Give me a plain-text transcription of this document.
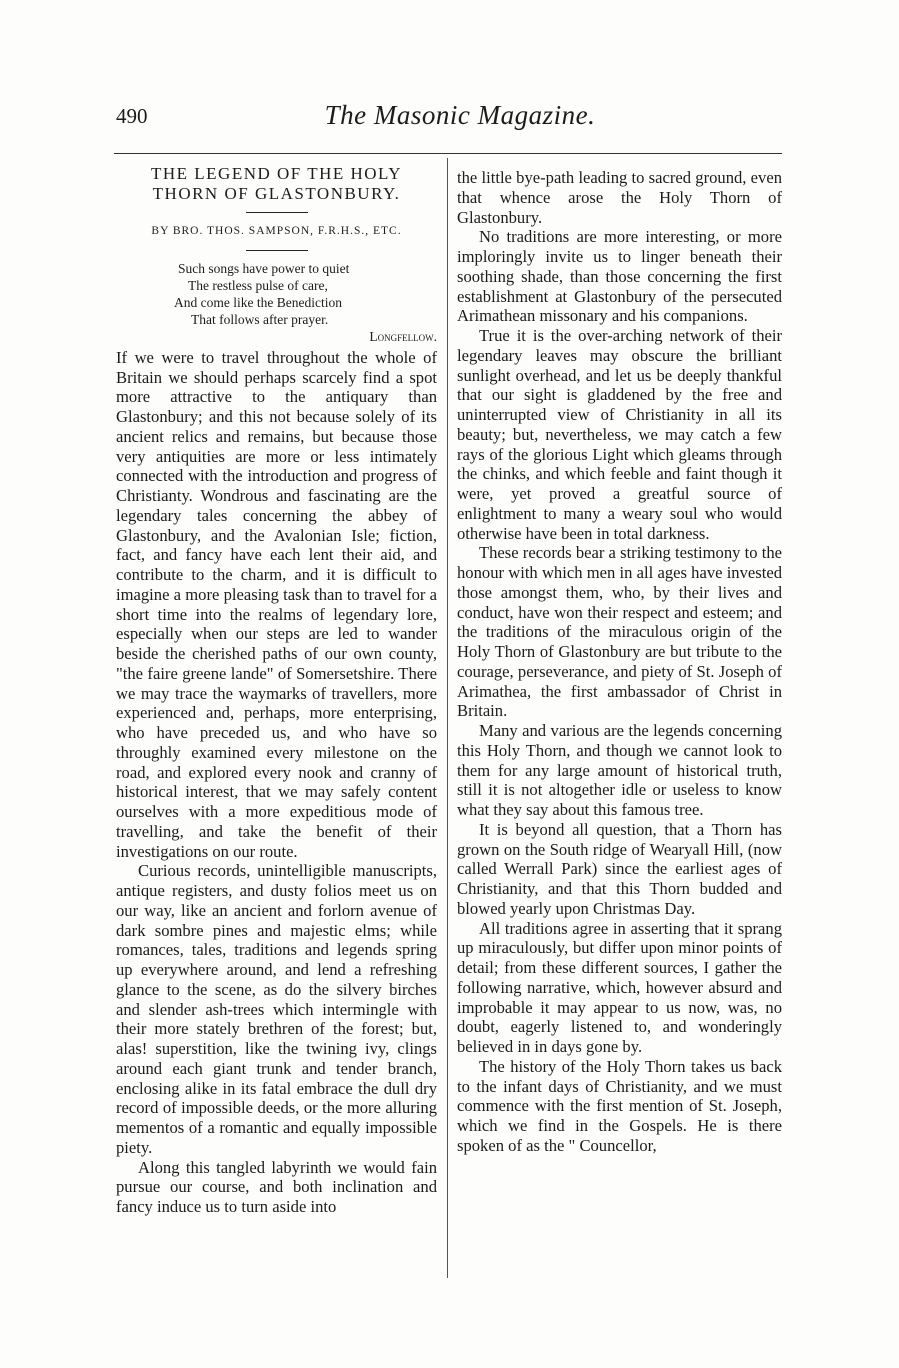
490	The Masonic Magazine.
THE LEGEND OF THE HOLY THORN OF GLASTONBURY.

BY BRO. THOS. SAMPSON, F.R.H.S., ETC.

Such songs have power to quiet
The restless pulse of care,
And come like the Benediction
That follows after prayer.
Longfellow.

If we were to travel throughout the whole of Britain we should perhaps scarcely find a spot more attractive to the antiquary than Glastonbury; and this not because solely of its ancient relics and remains, but because those very antiquities are more or less intimately connected with the introduction and progress of Christianty. Wondrous and fascinating are the legendary tales concerning the abbey of Glastonbury, and the Avalonian Isle; fiction, fact, and fancy have each lent their aid, and contribute to the charm, and it is difficult to imagine a more pleasing task than to travel for a short time into the realms of legendary lore, especially when our steps are led to wander beside the cherished paths of our own county, "the faire greene lande" of Somersetshire. There we may trace the waymarks of travellers, more experienced and, perhaps, more enterprising, who have preceded us, and who have so throughly examined every milestone on the road, and explored every nook and cranny of historical interest, that we may safely content ourselves with a more expeditious mode of travelling, and take the benefit of their investigations on our route.

Curious records, unintelligible manuscripts, antique registers, and dusty folios meet us on our way, like an ancient and forlorn avenue of dark sombre pines and majestic elms; while romances, tales, traditions and legends spring up everywhere around, and lend a refreshing glance to the scene, as do the silvery birches and slender ash-trees which intermingle with their more stately brethren of the forest; but, alas! superstition, like the twining ivy, clings around each giant trunk and tender branch, enclosing alike in its fatal embrace the dull dry record of impossible deeds, or the more alluring mementos of a romantic and equally impossible piety.

Along this tangled labyrinth we would fain pursue our course, and both inclination and fancy induce us to turn aside into

the little bye-path leading to sacred ground, even that whence arose the Holy Thorn of Glastonbury.

No traditions are more interesting, or more imploringly invite us to linger beneath their soothing shade, than those concerning the first establishment at Glastonbury of the persecuted Arimathean missonary and his companions.

True it is the over-arching network of their legendary leaves may obscure the brilliant sunlight overhead, and let us be deeply thankful that our sight is gladdened by the free and uninterrupted view of Christianity in all its beauty; but, nevertheless, we may catch a few rays of the glorious Light which gleams through the chinks, and which feeble and faint though it were, yet proved a greatful source of enlightment to many a weary soul who would otherwise have been in total darkness.

These records bear a striking testimony to the honour with which men in all ages have invested those amongst them, who, by their lives and conduct, have won their respect and esteem; and the traditions of the miraculous origin of the Holy Thorn of Glastonbury are but tribute to the courage, perseverance, and piety of St. Joseph of Arimathea, the first ambassador of Christ in Britain.

Many and various are the legends concerning this Holy Thorn, and though we cannot look to them for any large amount of historical truth, still it is not altogether idle or useless to know what they say about this famous tree.

It is beyond all question, that a Thorn has grown on the South ridge of Wearyall Hill, (now called Werrall Park) since the earliest ages of Christianity, and that this Thorn budded and blowed yearly upon Christmas Day.

All traditions agree in asserting that it sprang up miraculously, but differ upon minor points of detail; from these different sources, I gather the following narrative, which, however absurd and improbable it may appear to us now, was, no doubt, eagerly listened to, and wonderingly believed in in days gone by.

The history of the Holy Thorn takes us back to the infant days of Christianity, and we must commence with the first mention of St. Joseph, which we find in the Gospels. He is there spoken of as the " Councellor,
